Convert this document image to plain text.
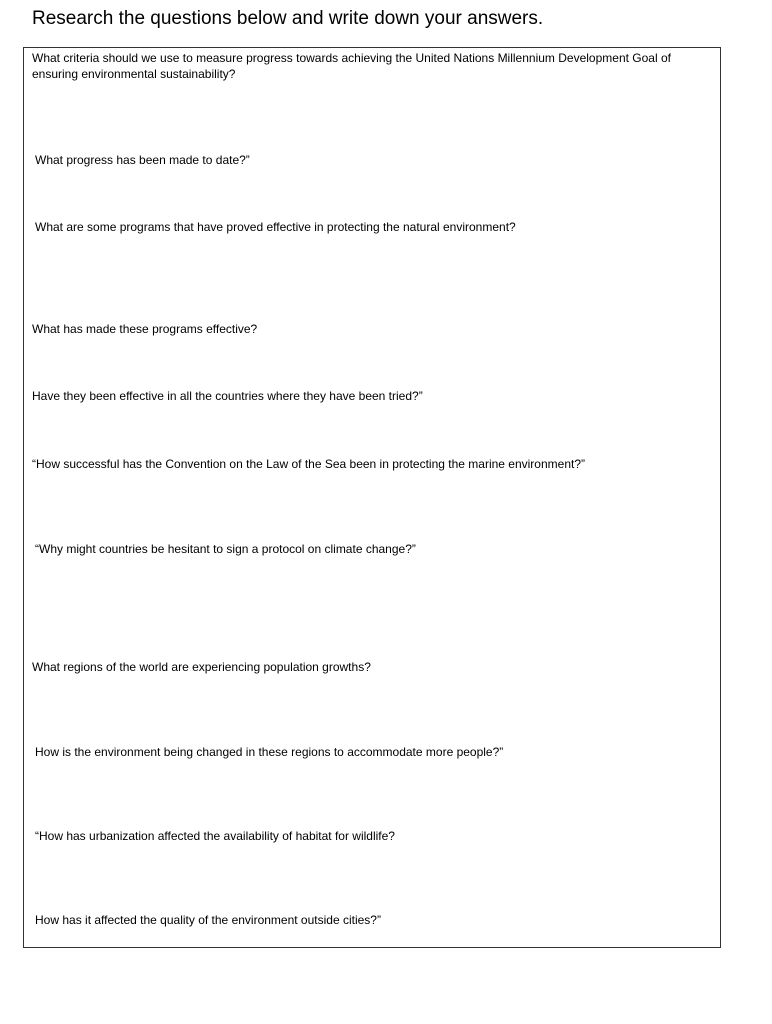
Research the questions below and write down your answers.
What criteria should we use to measure progress towards achieving the United Nations Millennium Development Goal of ensuring environmental sustainability?
What progress has been made to date?”
What are some programs that have proved effective in protecting the natural environment?
What has made these programs effective?
Have they been effective in all the countries where they have been tried?”
“How successful has the Convention on the Law of the Sea been in protecting the marine environment?”
“Why might countries be hesitant to sign a protocol on climate change?”
What regions of the world are experiencing population growths?
How is the environment being changed in these regions to accommodate more people?”
“How has urbanization affected the availability of habitat for wildlife?
How has it affected the quality of the environment outside cities?”
